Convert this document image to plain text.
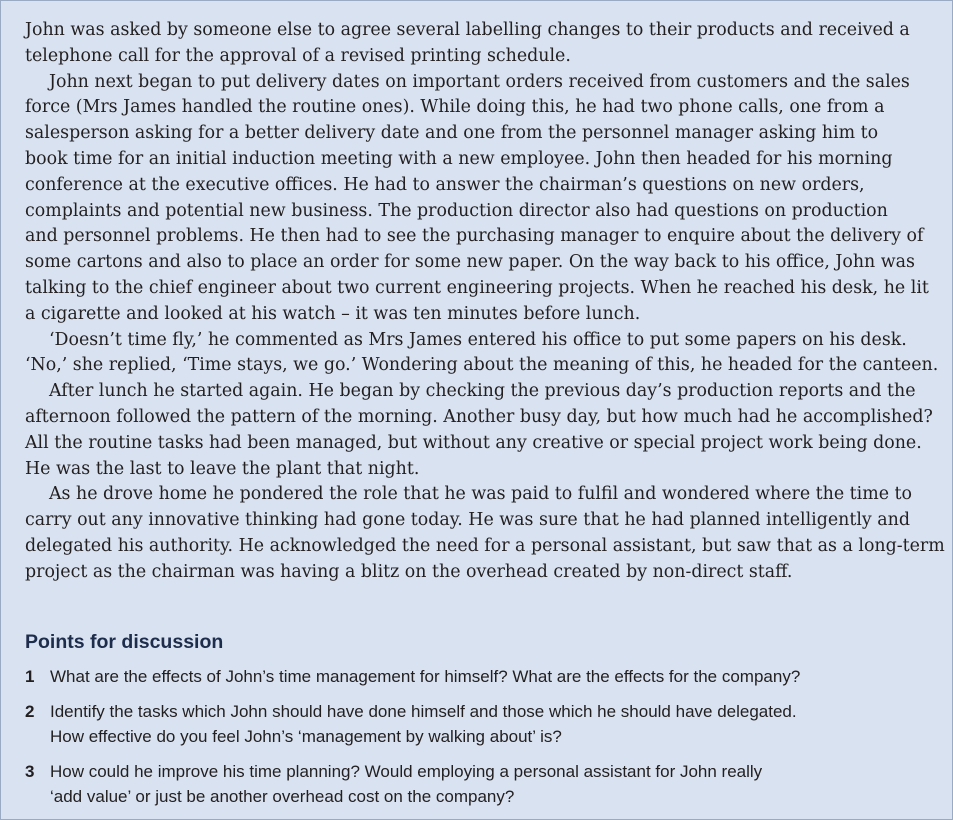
John was asked by someone else to agree several labelling changes to their products and received a

telephone call for the approval of a revised printing schedule.

John next began to put delivery dates on important orders received from customers and the sales

force (Mrs James handled the routine ones). While doing this, he had two phone calls, one from a

salesperson asking for a better delivery date and one from the personnel manager asking him to

book time for an initial induction meeting with a new employee. John then headed for his morning

conference at the executive offices. He had to answer the chairman’s questions on new orders,

complaints and potential new business. The production director also had questions on production

and personnel problems. He then had to see the purchasing manager to enquire about the delivery of

some cartons and also to place an order for some new paper. On the way back to his office, John was

talking to the chief engineer about two current engineering projects. When he reached his desk, he lit

a cigarette and looked at his watch – it was ten minutes before lunch.

‘Doesn’t time fly,’ he commented as Mrs James entered his office to put some papers on his desk.

‘No,’ she replied, ‘Time stays, we go.’ Wondering about the meaning of this, he headed for the canteen.

After lunch he started again. He began by checking the previous day’s production reports and the

afternoon followed the pattern of the morning. Another busy day, but how much had he accomplished?

All the routine tasks had been managed, but without any creative or special project work being done.

He was the last to leave the plant that night.

As he drove home he pondered the role that he was paid to fulfil and wondered where the time to

carry out any innovative thinking had gone today. He was sure that he had planned intelligently and

delegated his authority. He acknowledged the need for a personal assistant, but saw that as a long-term

project as the chairman was having a blitz on the overhead created by non-direct staff.

Points for discussion
1 What are the effects of John’s time management for himself? What are the effects for the company?
2 Identify the tasks which John should have done himself and those which he should have delegated.
How effective do you feel John’s ‘management by walking about’ is?
3 How could he improve his time planning? Would employing a personal assistant for John really
‘add value’ or just be another overhead cost on the company?
